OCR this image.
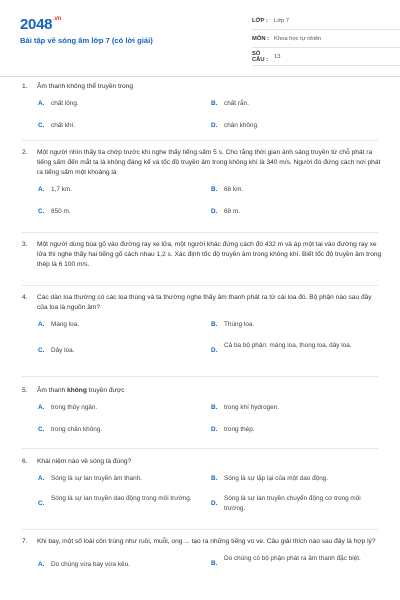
$2048^{.vn}$
Bài tập về sóng âm lớp 7 (có lời giải)
LỚP :	Lớp 7
MÔN : Khoa học tự nhiên
SỐ CÂU :	13
1.	Âm thanh không thể truyền trong
A.	chất lỏng.	B.	chất rắn.
C.	chất khí.	D.	chân không.
2.	Một người nhìn thấy tia chớp trước khi nghe thấy tiếng sấm 5 s. Cho rằng thời gian ánh sáng truyền từ chỗ phát ra tiếng sấm đến mắt ta là không đáng kể và tốc độ truyền âm trong không khí là 340 m/s. Người đó đứng cách nơi phát ra tiếng sấm một khoảng là
A.	1,7 km.	B.	68 km.
C.	850 m.	D.	68 m.
3.	Một người dùng búa gõ vào đường ray xe lửa, một người khác đứng cách đó 432 m và áp một tai vào đường ray xe lửa thì nghe thấy hai tiếng gõ cách nhau 1,2 s. Xác định tốc độ truyền âm trong không khí. Biết tốc độ truyền âm trong thép là 6 100 m/s.
4.	Các dàn loa thường có các loa thùng và ta thường nghe thấy âm thanh phát ra từ cái loa đó. Bộ phận nào sau đây của loa là nguồn âm?
A.	Màng loa.	B.	Thùng loa.
C.	Dây loa.	D.
Cả ba bộ phận: màng loa, thùng loa, dây loa.
5.	Âm thanh không truyền được
A.	trong thủy ngân.	B.	trong khí hydrogen.
C.	trong chân không.	D.	trong thép.
6.	Khái niệm nào về sóng là đúng?
A.	Sóng là sự lan truyền âm thanh.	B.	Sóng là sự lặp lại của một dao động.
C.
Sóng là sự lan truyền dao động trong môi trường.
D.
Sóng là sự lan truyền chuyển động cơ trong môi trường.
7.	Khi bay, một số loài côn trùng như ruồi, muỗi, ong ... tạo ra những tiếng vo ve. Câu giải thích nào sau đây là hợp lý?
A.	Do chúng vừa bay vừa kêu.	B.
Do chúng có bộ phận phát ra âm thanh đặc biệt.
